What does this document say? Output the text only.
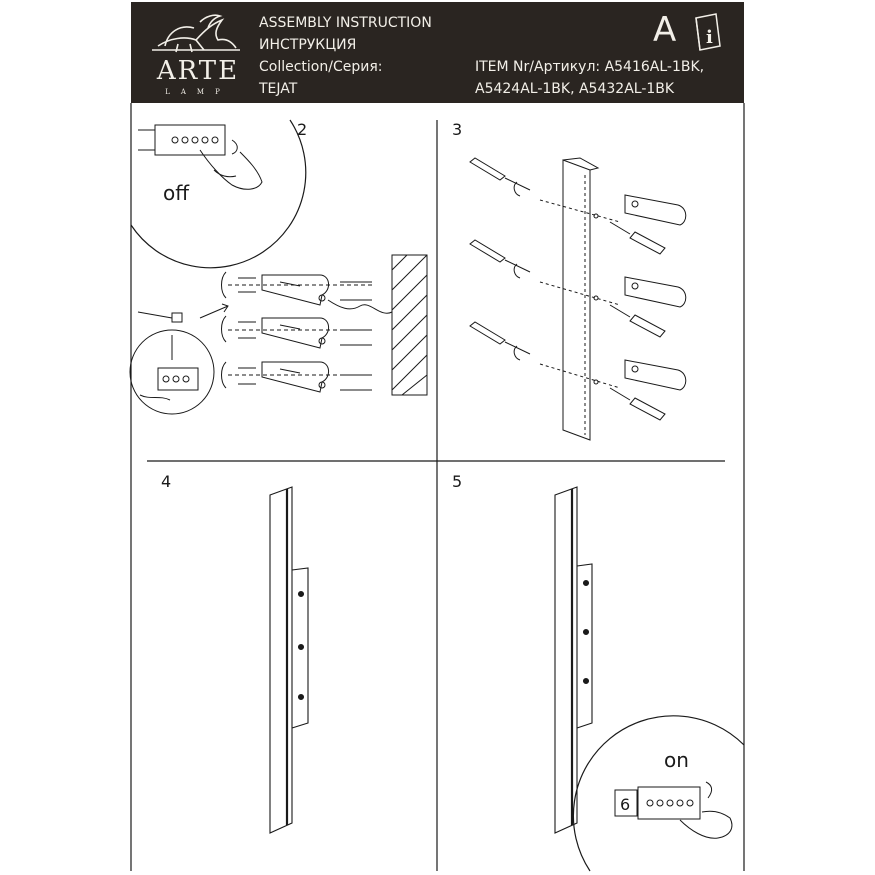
ARTE
LAMP
ASSEMBLY INSTRUCTION
ИНСТРУКЦИЯ
Collection/Серия:
TEJAT
A i
ITEM Nr/Артикул: A5416AL-1BK,
A5424AL-1BK, A5432AL-1BK
2	3
4	5
6
off
on
